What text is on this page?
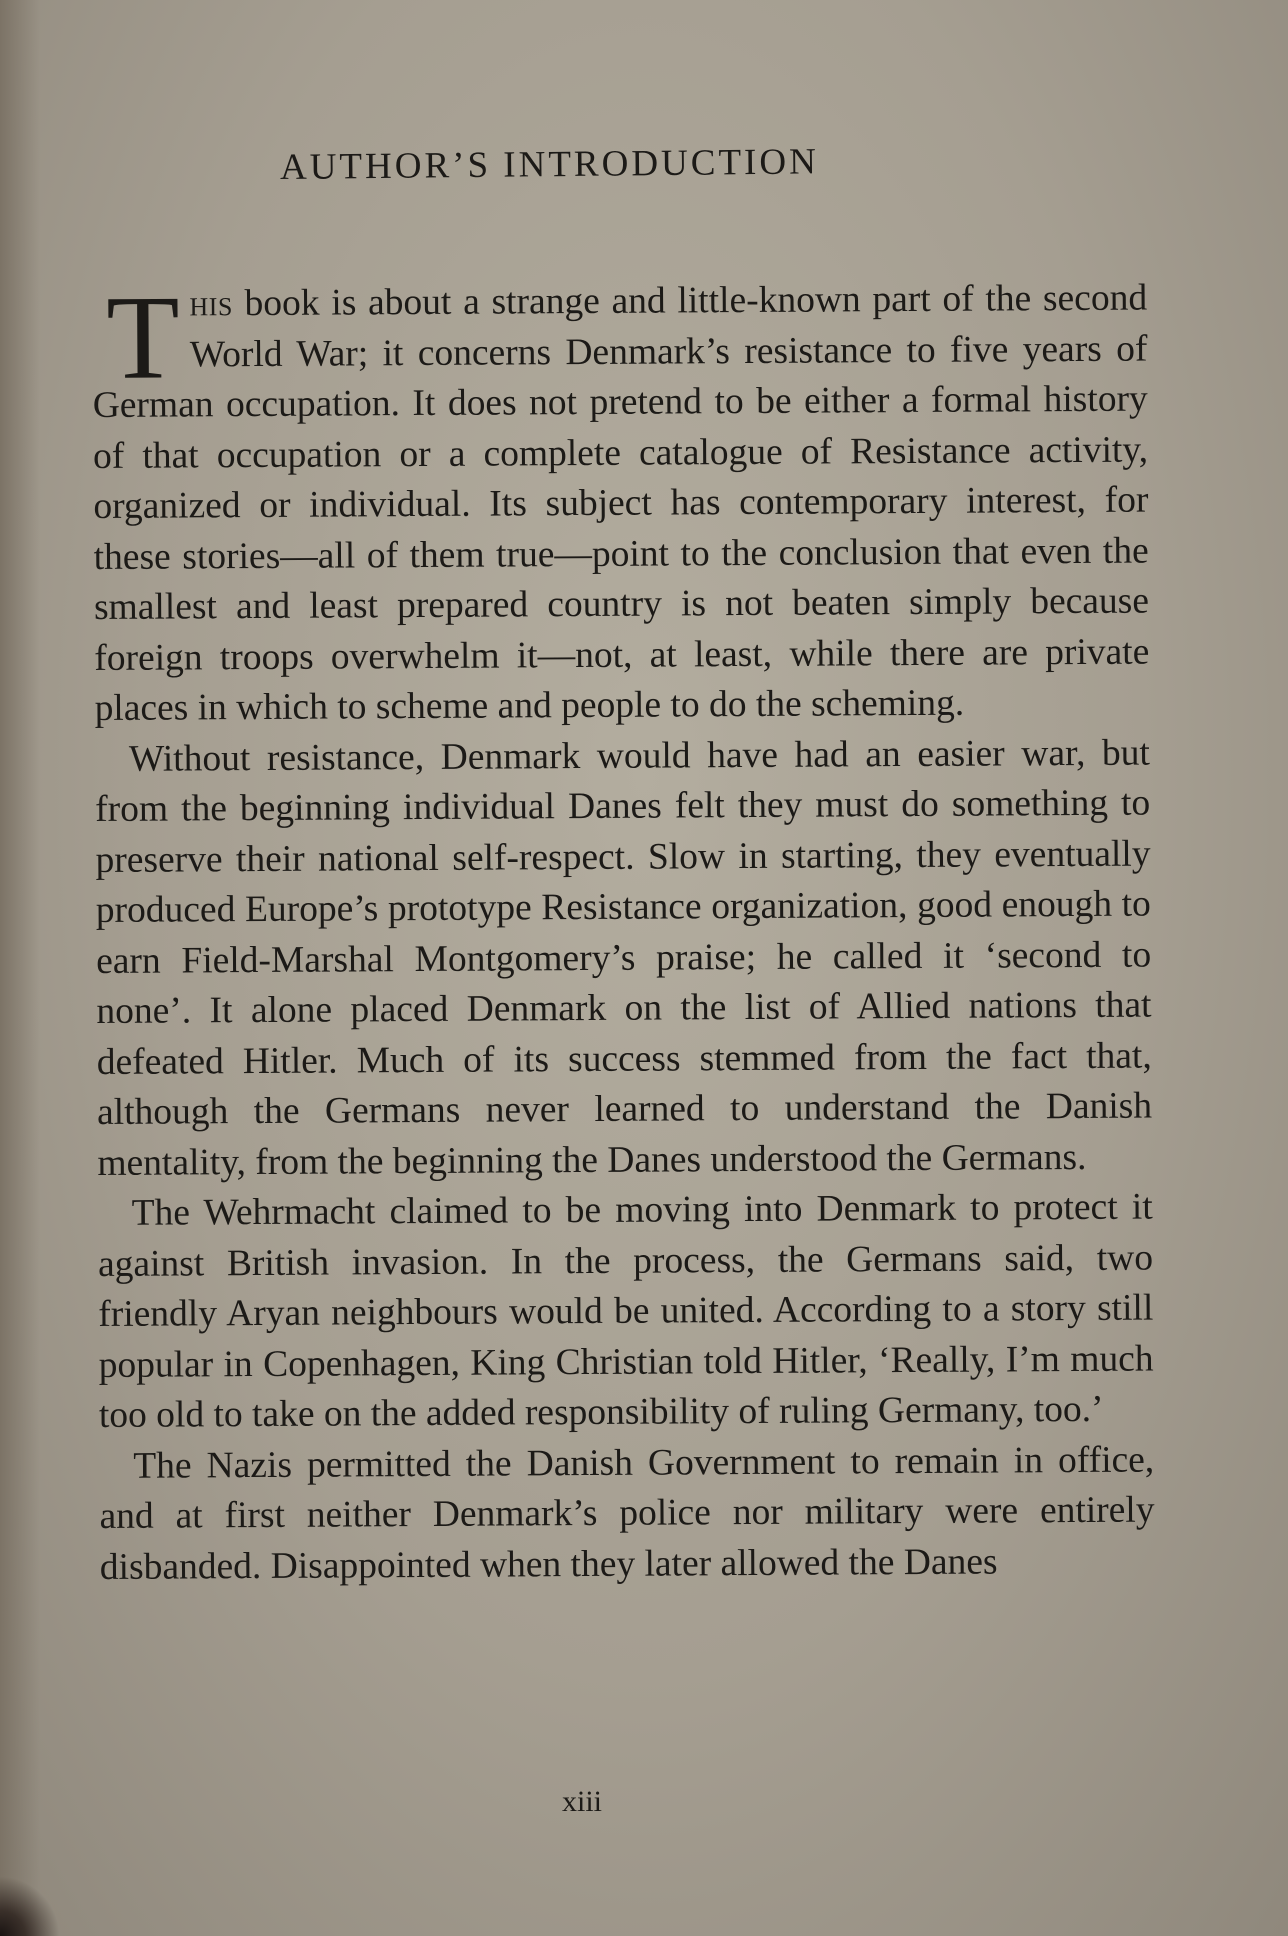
AUTHOR’S INTRODUCTION

This book is about a strange and little-known part of the second World War; it concerns Denmark’s resistance to five years of German occupation. It does not pretend to be either a formal history of that occupation or a complete catalogue of Resistance activity, organized or individual. Its subject has contemporary interest, for these stories—all of them true—point to the conclusion that even the smallest and least prepared country is not beaten simply because foreign troops overwhelm it—not, at least, while there are private places in which to scheme and people to do the scheming.

Without resistance, Denmark would have had an easier war, but from the beginning individual Danes felt they must do something to preserve their national self-respect. Slow in starting, they eventually produced Europe’s prototype Resistance organization, good enough to earn Field-Marshal Montgomery’s praise; he called it ‘second to none’. It alone placed Denmark on the list of Allied nations that defeated Hitler. Much of its success stemmed from the fact that, although the Germans never learned to understand the Danish mentality, from the beginning the Danes understood the Germans.

The Wehrmacht claimed to be moving into Denmark to protect it against British invasion. In the process, the Germans said, two friendly Aryan neighbours would be united. According to a story still popular in Copenhagen, King Christian told Hitler, ‘Really, I’m much too old to take on the added responsibility of ruling Germany, too.’

The Nazis permitted the Danish Government to remain in office, and at first neither Denmark’s police nor military were entirely disbanded. Disappointed when they later allowed the Danes

xiii
